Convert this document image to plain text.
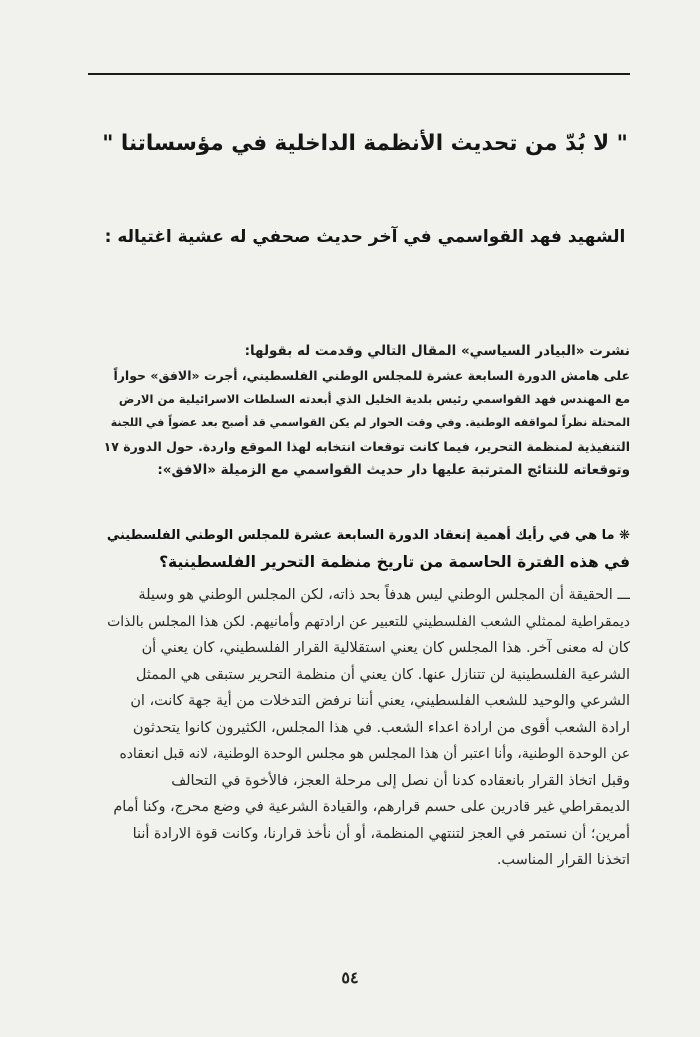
" لا بُدّ من تحديث الأنظمة الداخلية في مؤسساتنا "
الشهيد فهد القواسمي في آخر حديث صحفي له عشية اغتياله :
نشرت «البيادر السياسي» المقال التالي وقدمت له بقولها:
على هامش الدورة السابعة عشرة للمجلس الوطني الفلسطيني، أجرت «الافق» حواراً
مع المهندس فهد القواسمي رئيس بلدية الخليل الذي أبعدته السلطات الاسرائيلية من الارض
المحتلة نظراً لمواقفه الوطنية. وفي وقت الحوار لم يكن القواسمي قد أصبح بعد عضواً في اللجنة
التنفيذية لمنظمة التحرير، فيما كانت توقعات انتخابه لهذا الموقع واردة. حول الدورة ١٧
وتوقعاته للنتائج المترتبة عليها دار حديث القواسمي مع الزميلة «الافق»:
❋ ما هي في رأيك أهمية إنعقاد الدورة السابعة عشرة للمجلس الوطني الفلسطيني
في هذه الفترة الحاسمة من تاريخ منظمة التحرير الفلسطينية؟
ـــ الحقيقة أن المجلس الوطني ليس هدفاً بحد ذاته، لكن المجلس الوطني هو وسيلة
ديمقراطية لممثلي الشعب الفلسطيني للتعبير عن ارادتهم وأمانيهم. لكن هذا المجلس بالذات
كان له معنى آخر. هذا المجلس كان يعني استقلالية القرار الفلسطيني، كان يعني أن
الشرعية الفلسطينية لن تتنازل عنها. كان يعني أن منظمة التحرير ستبقى هي الممثل
الشرعي والوحيد للشعب الفلسطيني، يعني أننا نرفض التدخلات من أية جهة كانت، ان
ارادة الشعب أقوى من ارادة اعداء الشعب. في هذا المجلس، الكثيرون كانوا يتحدثون
عن الوحدة الوطنية، وأنا اعتبر أن هذا المجلس هو مجلس الوحدة الوطنية، لانه قبل انعقاده
وقبل اتخاذ القرار بانعقاده كدنا أن نصل إلى مرحلة العجز، فالأخوة في التحالف
الديمقراطي غير قادرين على حسم قرارهم، والقيادة الشرعية في وضع محرج، وكنا أمام
أمرين؛ أن نستمر في العجز لتنتهي المنظمة، أو أن نأخذ قرارنا، وكانت قوة الارادة أننا
اتخذنا القرار المناسب.
٥٤
